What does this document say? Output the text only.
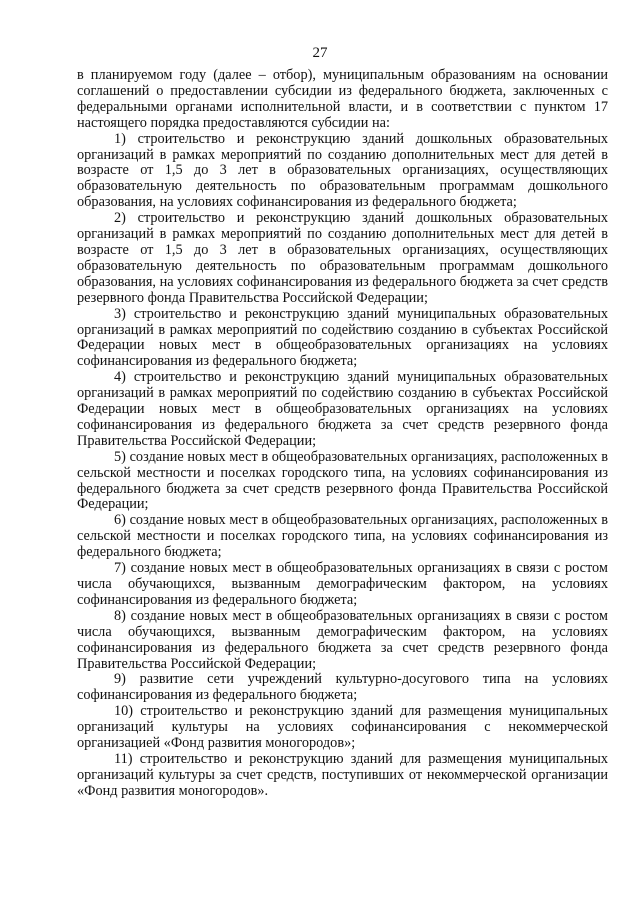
27

в планируемом году (далее – отбор), муниципальным образованиям на основании соглашений о предоставлении субсидии из федерального бюджета, заключенных с федеральными органами исполнительной власти, и в соответствии с пунктом 17 настоящего порядка предоставляются субсидии на:

1) строительство и реконструкцию зданий дошкольных образовательных организаций в рамках мероприятий по созданию дополнительных мест для детей в возрасте от 1,5 до 3 лет в образовательных организациях, осуществляющих образовательную деятельность по образовательным программам дошкольного образования, на условиях софинансирования из федерального бюджета;

2) строительство и реконструкцию зданий дошкольных образовательных организаций в рамках мероприятий по созданию дополнительных мест для детей в возрасте от 1,5 до 3 лет в образовательных организациях, осуществляющих образовательную деятельность по образовательным программам дошкольного образования, на условиях софинансирования из федерального бюджета за счет средств резервного фонда Правительства Российской Федерации;

3) строительство и реконструкцию зданий муниципальных образовательных организаций в рамках мероприятий по содействию созданию в субъектах Российской Федерации новых мест в общеобразовательных организациях на условиях софинансирования из федерального бюджета;

4) строительство и реконструкцию зданий муниципальных образовательных организаций в рамках мероприятий по содействию созданию в субъектах Российской Федерации новых мест в общеобразовательных организациях на условиях софинансирования из федерального бюджета за счет средств резервного фонда Правительства Российской Федерации;

5) создание новых мест в общеобразовательных организациях, расположенных в сельской местности и поселках городского типа, на условиях софинансирования из федерального бюджета за счет средств резервного фонда Правительства Российской Федерации;

6) создание новых мест в общеобразовательных организациях, расположенных в сельской местности и поселках городского типа, на условиях софинансирования из федерального бюджета;

7) создание новых мест в общеобразовательных организациях в связи с ростом числа обучающихся, вызванным демографическим фактором, на условиях софинансирования из федерального бюджета;

8) создание новых мест в общеобразовательных организациях в связи с ростом числа обучающихся, вызванным демографическим фактором, на условиях софинансирования из федерального бюджета за счет средств резервного фонда Правительства Российской Федерации;

9) развитие сети учреждений культурно-досугового типа на условиях софинансирования из федерального бюджета;

10) строительство и реконструкцию зданий для размещения муниципальных организаций культуры на условиях софинансирования с некоммерческой организацией «Фонд развития моногородов»;

11) строительство и реконструкцию зданий для размещения муниципальных организаций культуры за счет средств, поступивших от некоммерческой организации «Фонд развития моногородов».
